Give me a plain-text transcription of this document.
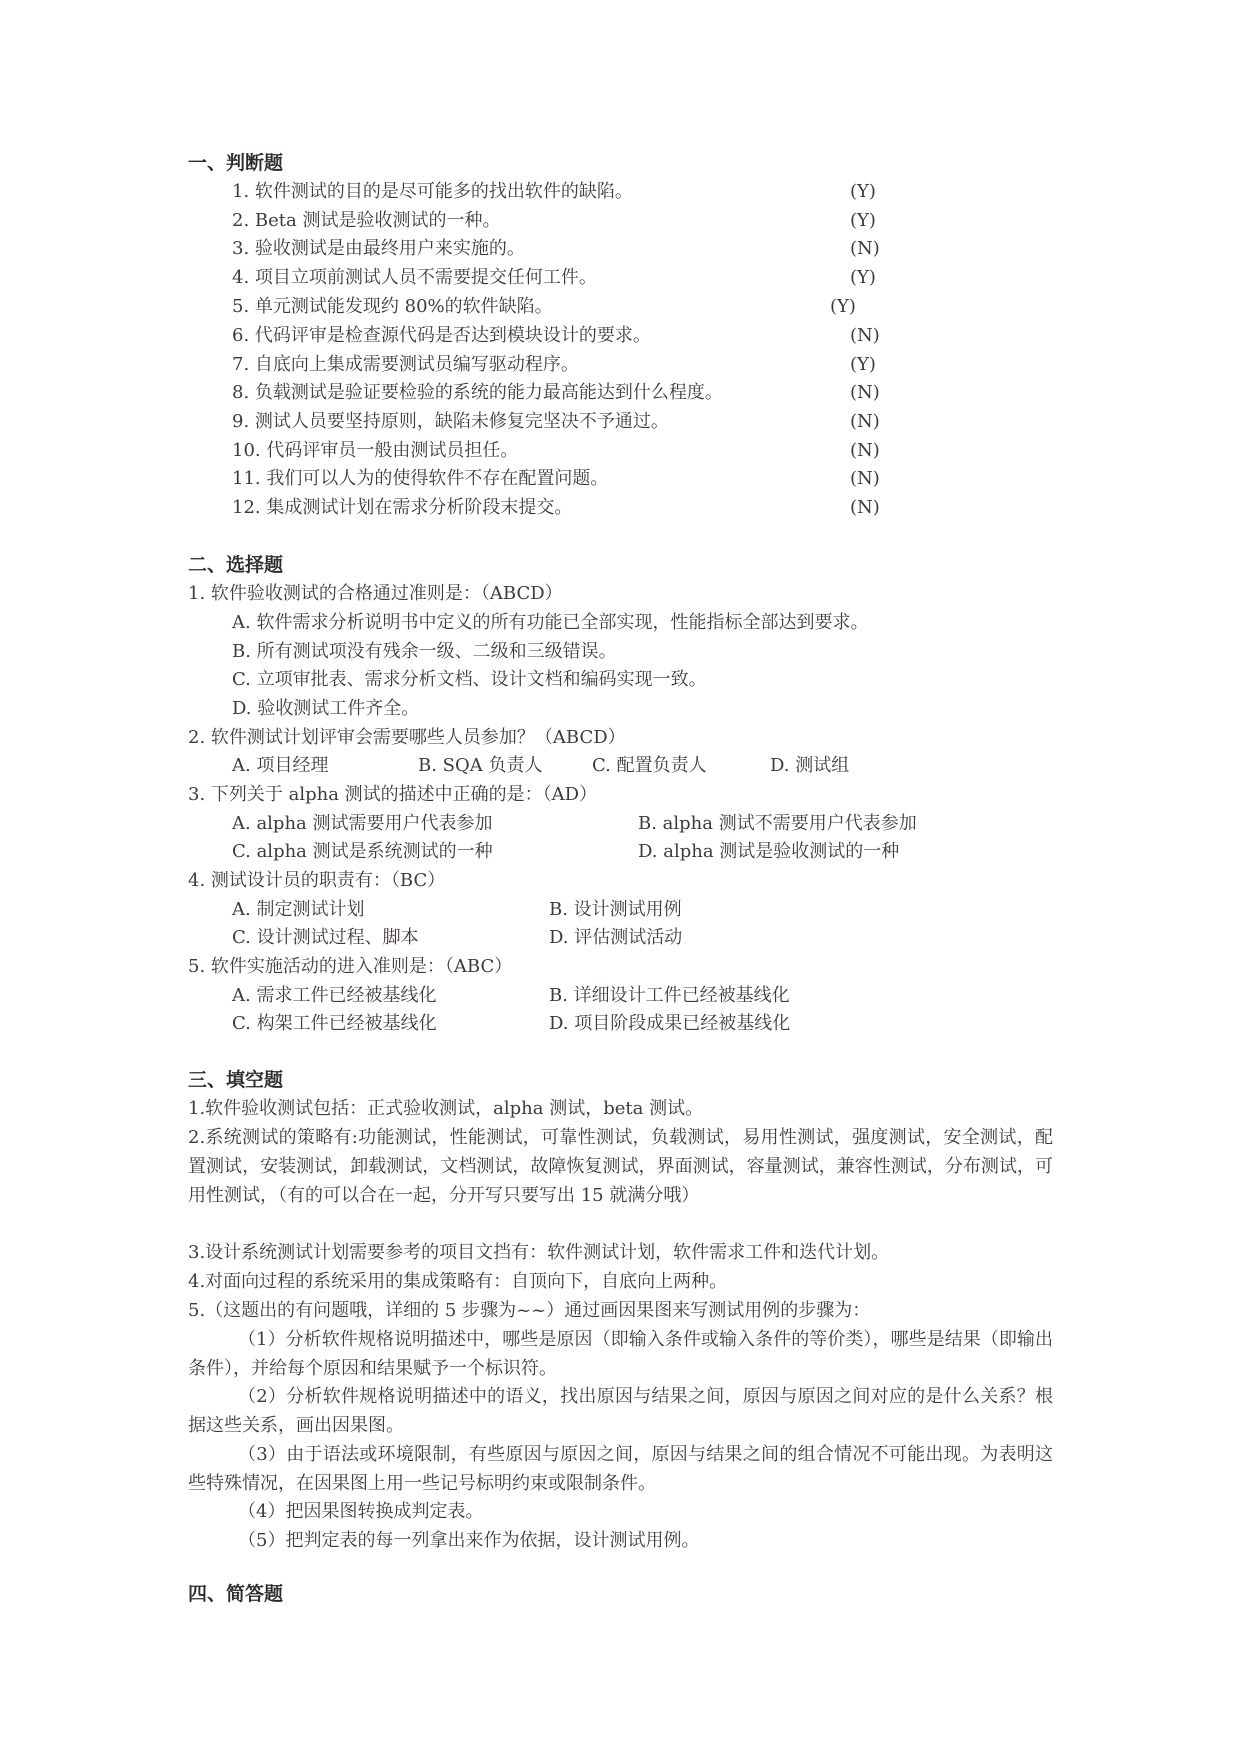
一、判断题
1. 软件测试的目的是尽可能多的找出软件的缺陷。	(Y)
2. Beta 测试是验收测试的一种。	(Y)
3. 验收测试是由最终用户来实施的。	(N)
4. 项目立项前测试人员不需要提交任何工件。	(Y)
5. 单元测试能发现约 80%的软件缺陷。	(Y)
6. 代码评审是检查源代码是否达到模块设计的要求。	(N)
7. 自底向上集成需要测试员编写驱动程序。	(Y)
8. 负载测试是验证要检验的系统的能力最高能达到什么程度。	(N)
9. 测试人员要坚持原则，缺陷未修复完坚决不予通过。	(N)
10. 代码评审员一般由测试员担任。	(N)
11. 我们可以人为的使得软件不存在配置问题。	(N)
12. 集成测试计划在需求分析阶段末提交。	(N)
二、选择题
1. 软件验收测试的合格通过准则是：（ABCD）
A. 软件需求分析说明书中定义的所有功能已全部实现，性能指标全部达到要求。
B. 所有测试项没有残余一级、二级和三级错误。
C. 立项审批表、需求分析文档、设计文档和编码实现一致。
D. 验收测试工件齐全。
2. 软件测试计划评审会需要哪些人员参加？（ABCD）
A. 项目经理	B. SQA 负责人	C. 配置负责人	D. 测试组
3. 下列关于 alpha 测试的描述中正确的是：（AD）
A. alpha 测试需要用户代表参加	B. alpha 测试不需要用户代表参加
C. alpha 测试是系统测试的一种	D. alpha 测试是验收测试的一种
4. 测试设计员的职责有：（BC）
A. 制定测试计划	B. 设计测试用例
C. 设计测试过程、脚本	D. 评估测试活动
5. 软件实施活动的进入准则是：（ABC）
A. 需求工件已经被基线化	B. 详细设计工件已经被基线化
C. 构架工件已经被基线化	D. 项目阶段成果已经被基线化
三、填空题

1.软件验收测试包括：正式验收测试，alpha 测试，beta 测试。

2.系统测试的策略有:功能测试，性能测试，可靠性测试，负载测试，易用性测试，强度测试，安全测试，配置测试，安装测试，卸载测试，文档测试，故障恢复测试，界面测试，容量测试，兼容性测试，分布测试，可用性测试，（有的可以合在一起，分开写只要写出 15 就满分哦）

3.设计系统测试计划需要参考的项目文挡有：软件测试计划，软件需求工件和迭代计划。

4.对面向过程的系统采用的集成策略有：自顶向下，自底向上两种。

5.（这题出的有问题哦，详细的 5 步骤为~~）通过画因果图来写测试用例的步骤为：

（1）分析软件规格说明描述中，哪些是原因（即输入条件或输入条件的等价类），哪些是结果（即输出条件），并给每个原因和结果赋予一个标识符。

（2）分析软件规格说明描述中的语义，找出原因与结果之间，原因与原因之间对应的是什么关系？根据这些关系，画出因果图。

（3）由于语法或环境限制，有些原因与原因之间，原因与结果之间的组合情况不可能出现。为表明这些特殊情况，在因果图上用一些记号标明约束或限制条件。

（4）把因果图转换成判定表。

（5）把判定表的每一列拿出来作为依据，设计测试用例。

四、简答题
